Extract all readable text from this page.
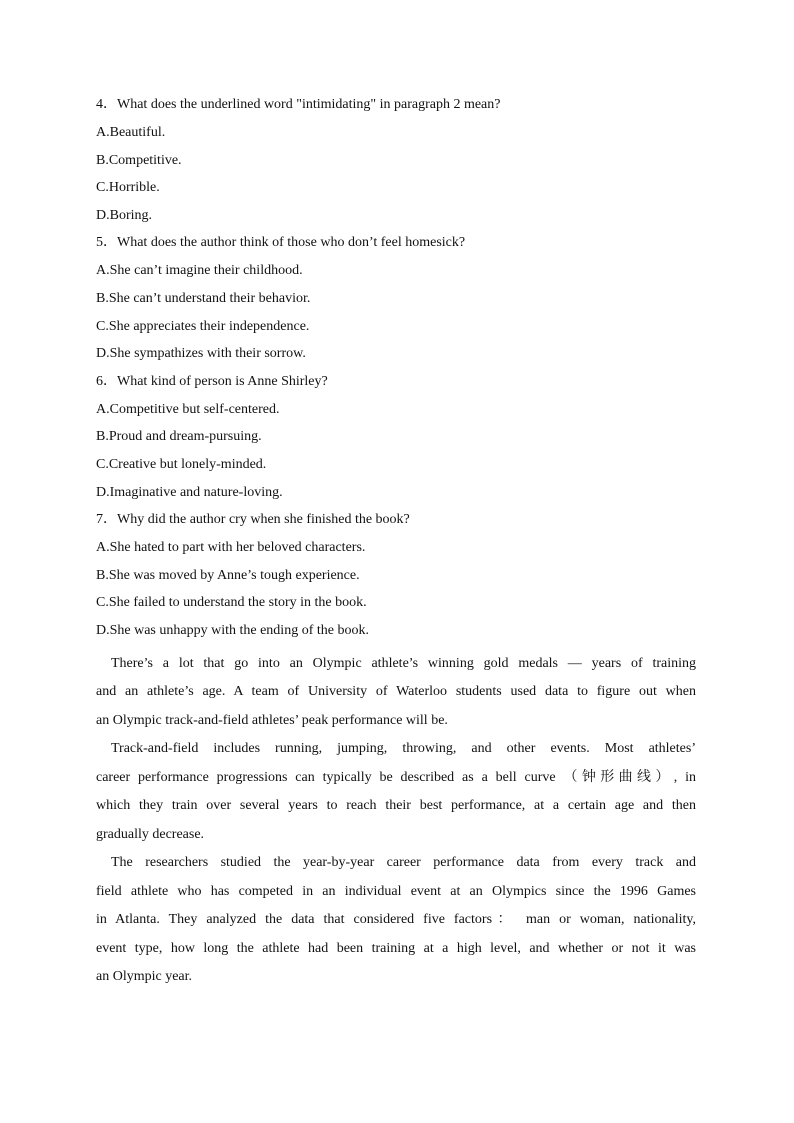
4．What does the underlined word "intimidating" in paragraph 2 mean?
A.Beautiful.
B.Competitive.
C.Horrible.
D.Boring.
5．What does the author think of those who don’t feel homesick?
A.She can’t imagine their childhood.
B.She can’t understand their behavior.
C.She appreciates their independence.
D.She sympathizes with their sorrow.
6．What kind of person is Anne Shirley?
A.Competitive but self-centered.
B.Proud and dream-pursuing.
C.Creative but lonely-minded.
D.Imaginative and nature-loving.
7．Why did the author cry when she finished the book?
A.She hated to part with her beloved characters.
B.She was moved by Anne’s tough experience.
C.She failed to understand the story in the book.
D.She was unhappy with the ending of the book.
There’s a lot that go into an Olympic athlete’s winning gold medals — years of training
and an athlete’s age. A team of University of Waterloo students used data to figure out when
an Olympic track-and-field athletes’ peak performance will be.
Track-and-field includes running, jumping, throwing, and other events. Most athletes’
career performance progressions can typically be described as a bell curve （钟形曲线）, in
which they train over several years to reach their best performance, at a certain age and then
gradually decrease.
The researchers studied the year-by-year career performance data from every track and
field athlete who has competed in an individual event at an Olympics since the 1996 Games
in Atlanta. They analyzed the data that considered five factors： man or woman, nationality,
event type, how long the athlete had been training at a high level, and whether or not it was
an Olympic year.
